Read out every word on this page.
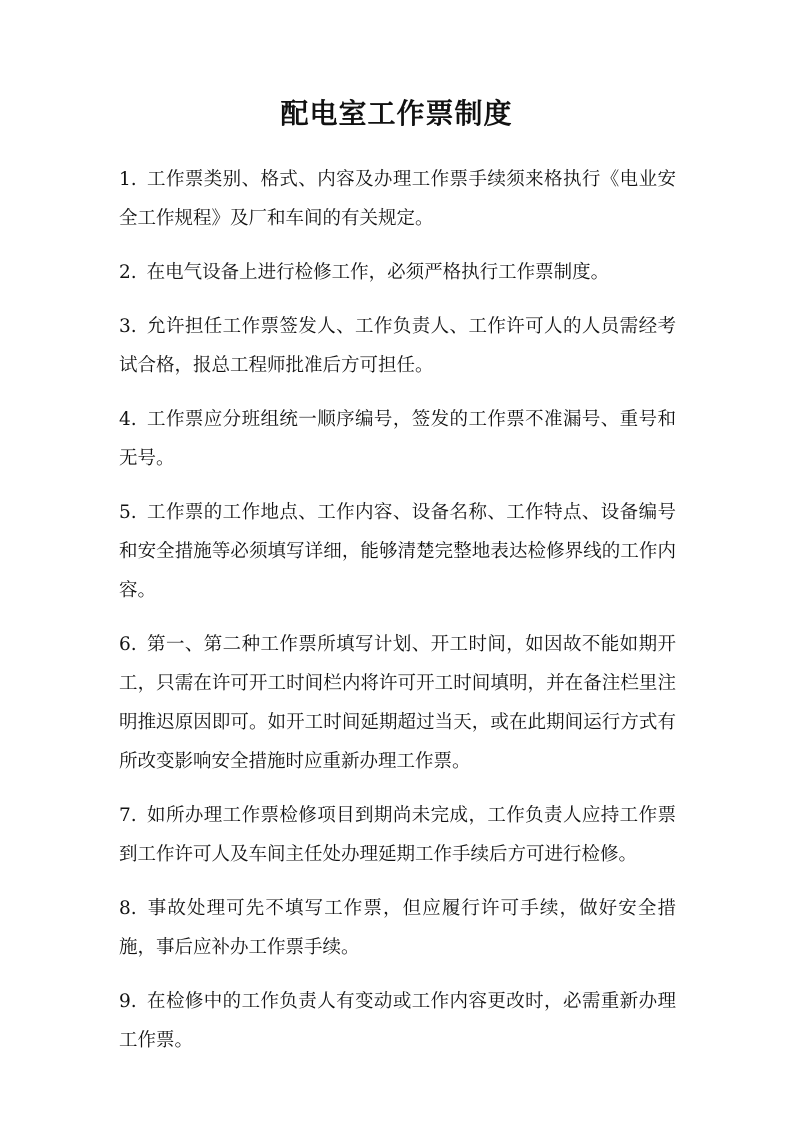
配电室工作票制度

1. 工作票类别、格式、内容及办理工作票手续须来格执行《电业安全工作规程》及厂和车间的有关规定。

2. 在电气设备上进行检修工作，必须严格执行工作票制度。

3. 允许担任工作票签发人、工作负责人、工作许可人的人员需经考试合格，报总工程师批准后方可担任。

4. 工作票应分班组统一顺序编号，签发的工作票不准漏号、重号和无号。

5. 工作票的工作地点、工作内容、设备名称、工作特点、设备编号和安全措施等必须填写详细，能够清楚完整地表达检修界线的工作内容。

6. 第一、第二种工作票所填写计划、开工时间，如因故不能如期开工，只需在许可开工时间栏内将许可开工时间填明，并在备注栏里注明推迟原因即可。如开工时间延期超过当天，或在此期间运行方式有所改变影响安全措施时应重新办理工作票。

7. 如所办理工作票检修项目到期尚未完成，工作负责人应持工作票到工作许可人及车间主任处办理延期工作手续后方可进行检修。

8. 事故处理可先不填写工作票，但应履行许可手续，做好安全措施，事后应补办工作票手续。

9. 在检修中的工作负责人有变动或工作内容更改时，必需重新办理工作票。
